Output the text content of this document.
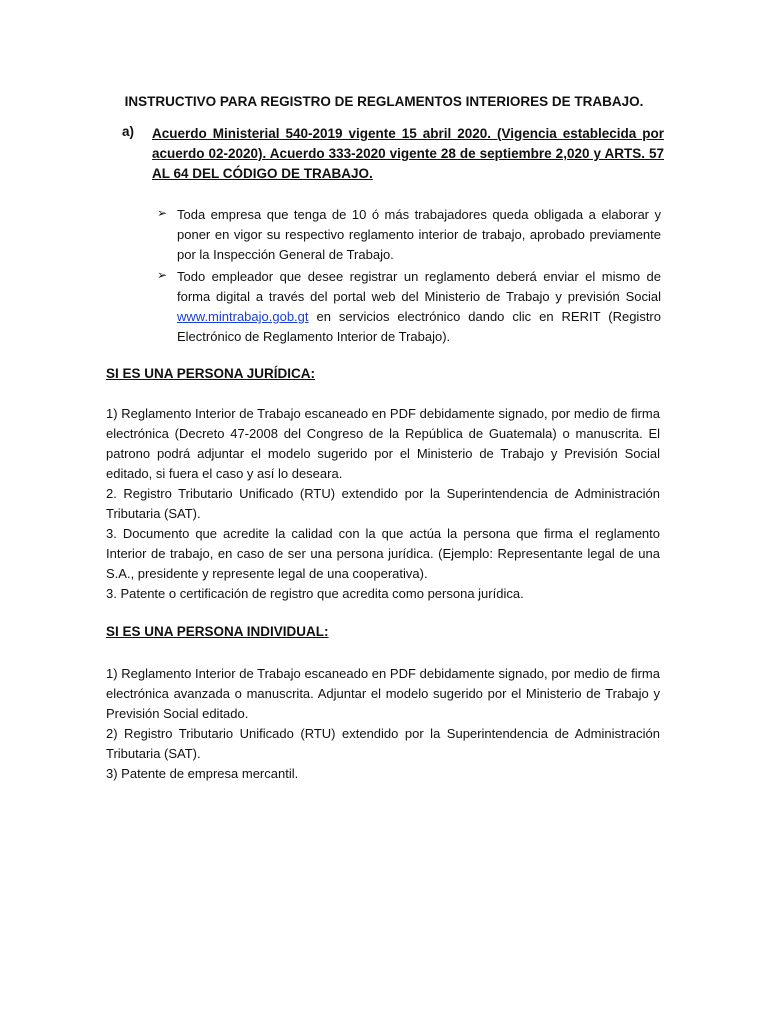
INSTRUCTIVO PARA REGISTRO DE REGLAMENTOS INTERIORES DE TRABAJO.
a) Acuerdo Ministerial 540-2019 vigente 15 abril 2020. (Vigencia establecida por acuerdo 02-2020). Acuerdo 333-2020 vigente 28 de septiembre 2,020 y ARTS. 57 AL 64 DEL CÓDIGO DE TRABAJO.
➢ Toda empresa que tenga de 10 ó más trabajadores queda obligada a elaborar y poner en vigor su respectivo reglamento interior de trabajo, aprobado previamente por la Inspección General de Trabajo.
➢ Todo empleador que desee registrar un reglamento deberá enviar el mismo de forma digital a través del portal web del Ministerio de Trabajo y previsión Social www.mintrabajo.gob.gt en servicios electrónico dando clic en RERIT (Registro Electrónico de Reglamento Interior de Trabajo).
SI ES UNA PERSONA JURÍDICA:

1) Reglamento Interior de Trabajo escaneado en PDF debidamente signado, por medio de firma electrónica (Decreto 47-2008 del Congreso de la República de Guatemala) o manuscrita. El patrono podrá adjuntar el modelo sugerido por el Ministerio de Trabajo y Previsión Social editado, si fuera el caso y así lo deseara.

2. Registro Tributario Unificado (RTU) extendido por la Superintendencia de Administración Tributaria (SAT).

3. Documento que acredite la calidad con la que actúa la persona que firma el reglamento Interior de trabajo, en caso de ser una persona jurídica. (Ejemplo: Representante legal de una S.A., presidente y represente legal de una cooperativa).

3. Patente o certificación de registro que acredita como persona jurídica.

SI ES UNA PERSONA INDIVIDUAL:

1) Reglamento Interior de Trabajo escaneado en PDF debidamente signado, por medio de firma electrónica avanzada o manuscrita. Adjuntar el modelo sugerido por el Ministerio de Trabajo y Previsión Social editado.

2) Registro Tributario Unificado (RTU) extendido por la Superintendencia de Administración Tributaria (SAT).

3) Patente de empresa mercantil.
